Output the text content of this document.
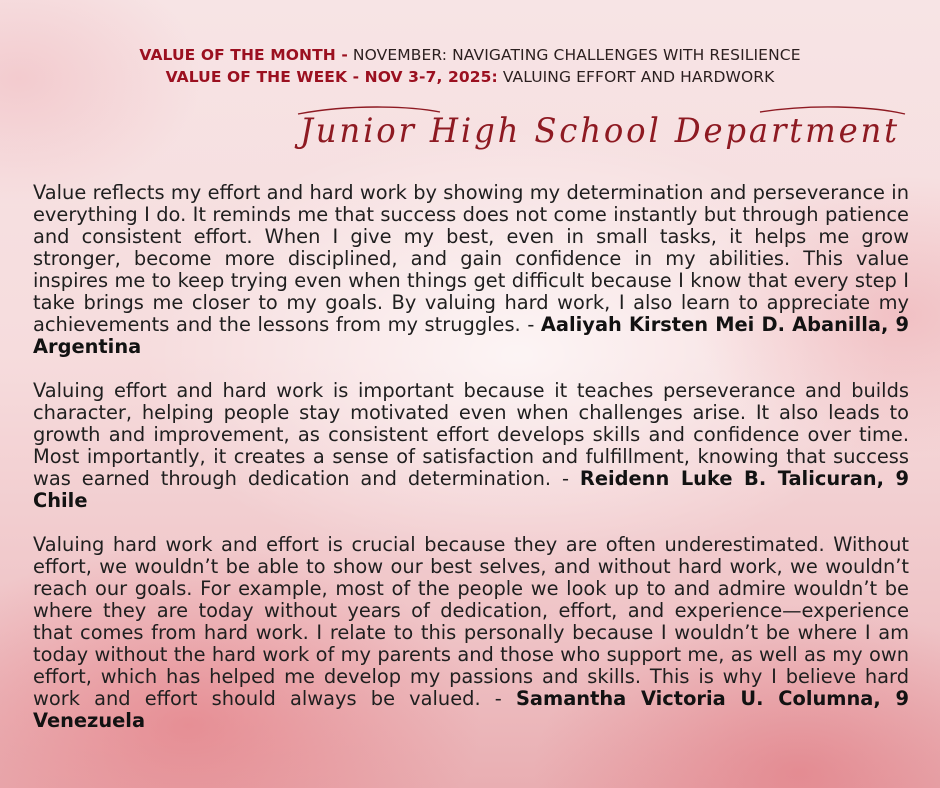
VALUE OF THE MONTH - NOVEMBER: NAVIGATING CHALLENGES WITH RESILIENCE
VALUE OF THE WEEK - NOV 3-7, 2025: VALUING EFFORT AND HARDWORK
Junior High School Department

Value reflects my effort and hard work by showing my determination and perseverance in everything I do. It reminds me that success does not come instantly but through patience and consistent effort. When I give my best, even in small tasks, it helps me grow stronger, become more disciplined, and gain confidence in my abilities. This value inspires me to keep trying even when things get difficult because I know that every step I take brings me closer to my goals. By valuing hard work, I also learn to appreciate my achievements and the lessons from my struggles. - Aaliyah Kirsten Mei D. Abanilla, 9 Argentina

Valuing effort and hard work is important because it teaches perseverance and builds character, helping people stay motivated even when challenges arise. It also leads to growth and improvement, as consistent effort develops skills and confidence over time. Most importantly, it creates a sense of satisfaction and fulfillment, knowing that success was earned through dedication and determination. - Reidenn Luke B. Talicuran, 9 Chile

Valuing hard work and effort is crucial because they are often underestimated. Without effort, we wouldn’t be able to show our best selves, and without hard work, we wouldn’t reach our goals. For example, most of the people we look up to and admire wouldn’t be where they are today without years of dedication, effort, and experience—experience that comes from hard work. I relate to this personally because I wouldn’t be where I am today without the hard work of my parents and those who support me, as well as my own effort, which has helped me develop my passions and skills. This is why I believe hard work and effort should always be valued. - Samantha Victoria U. Columna, 9 Venezuela
